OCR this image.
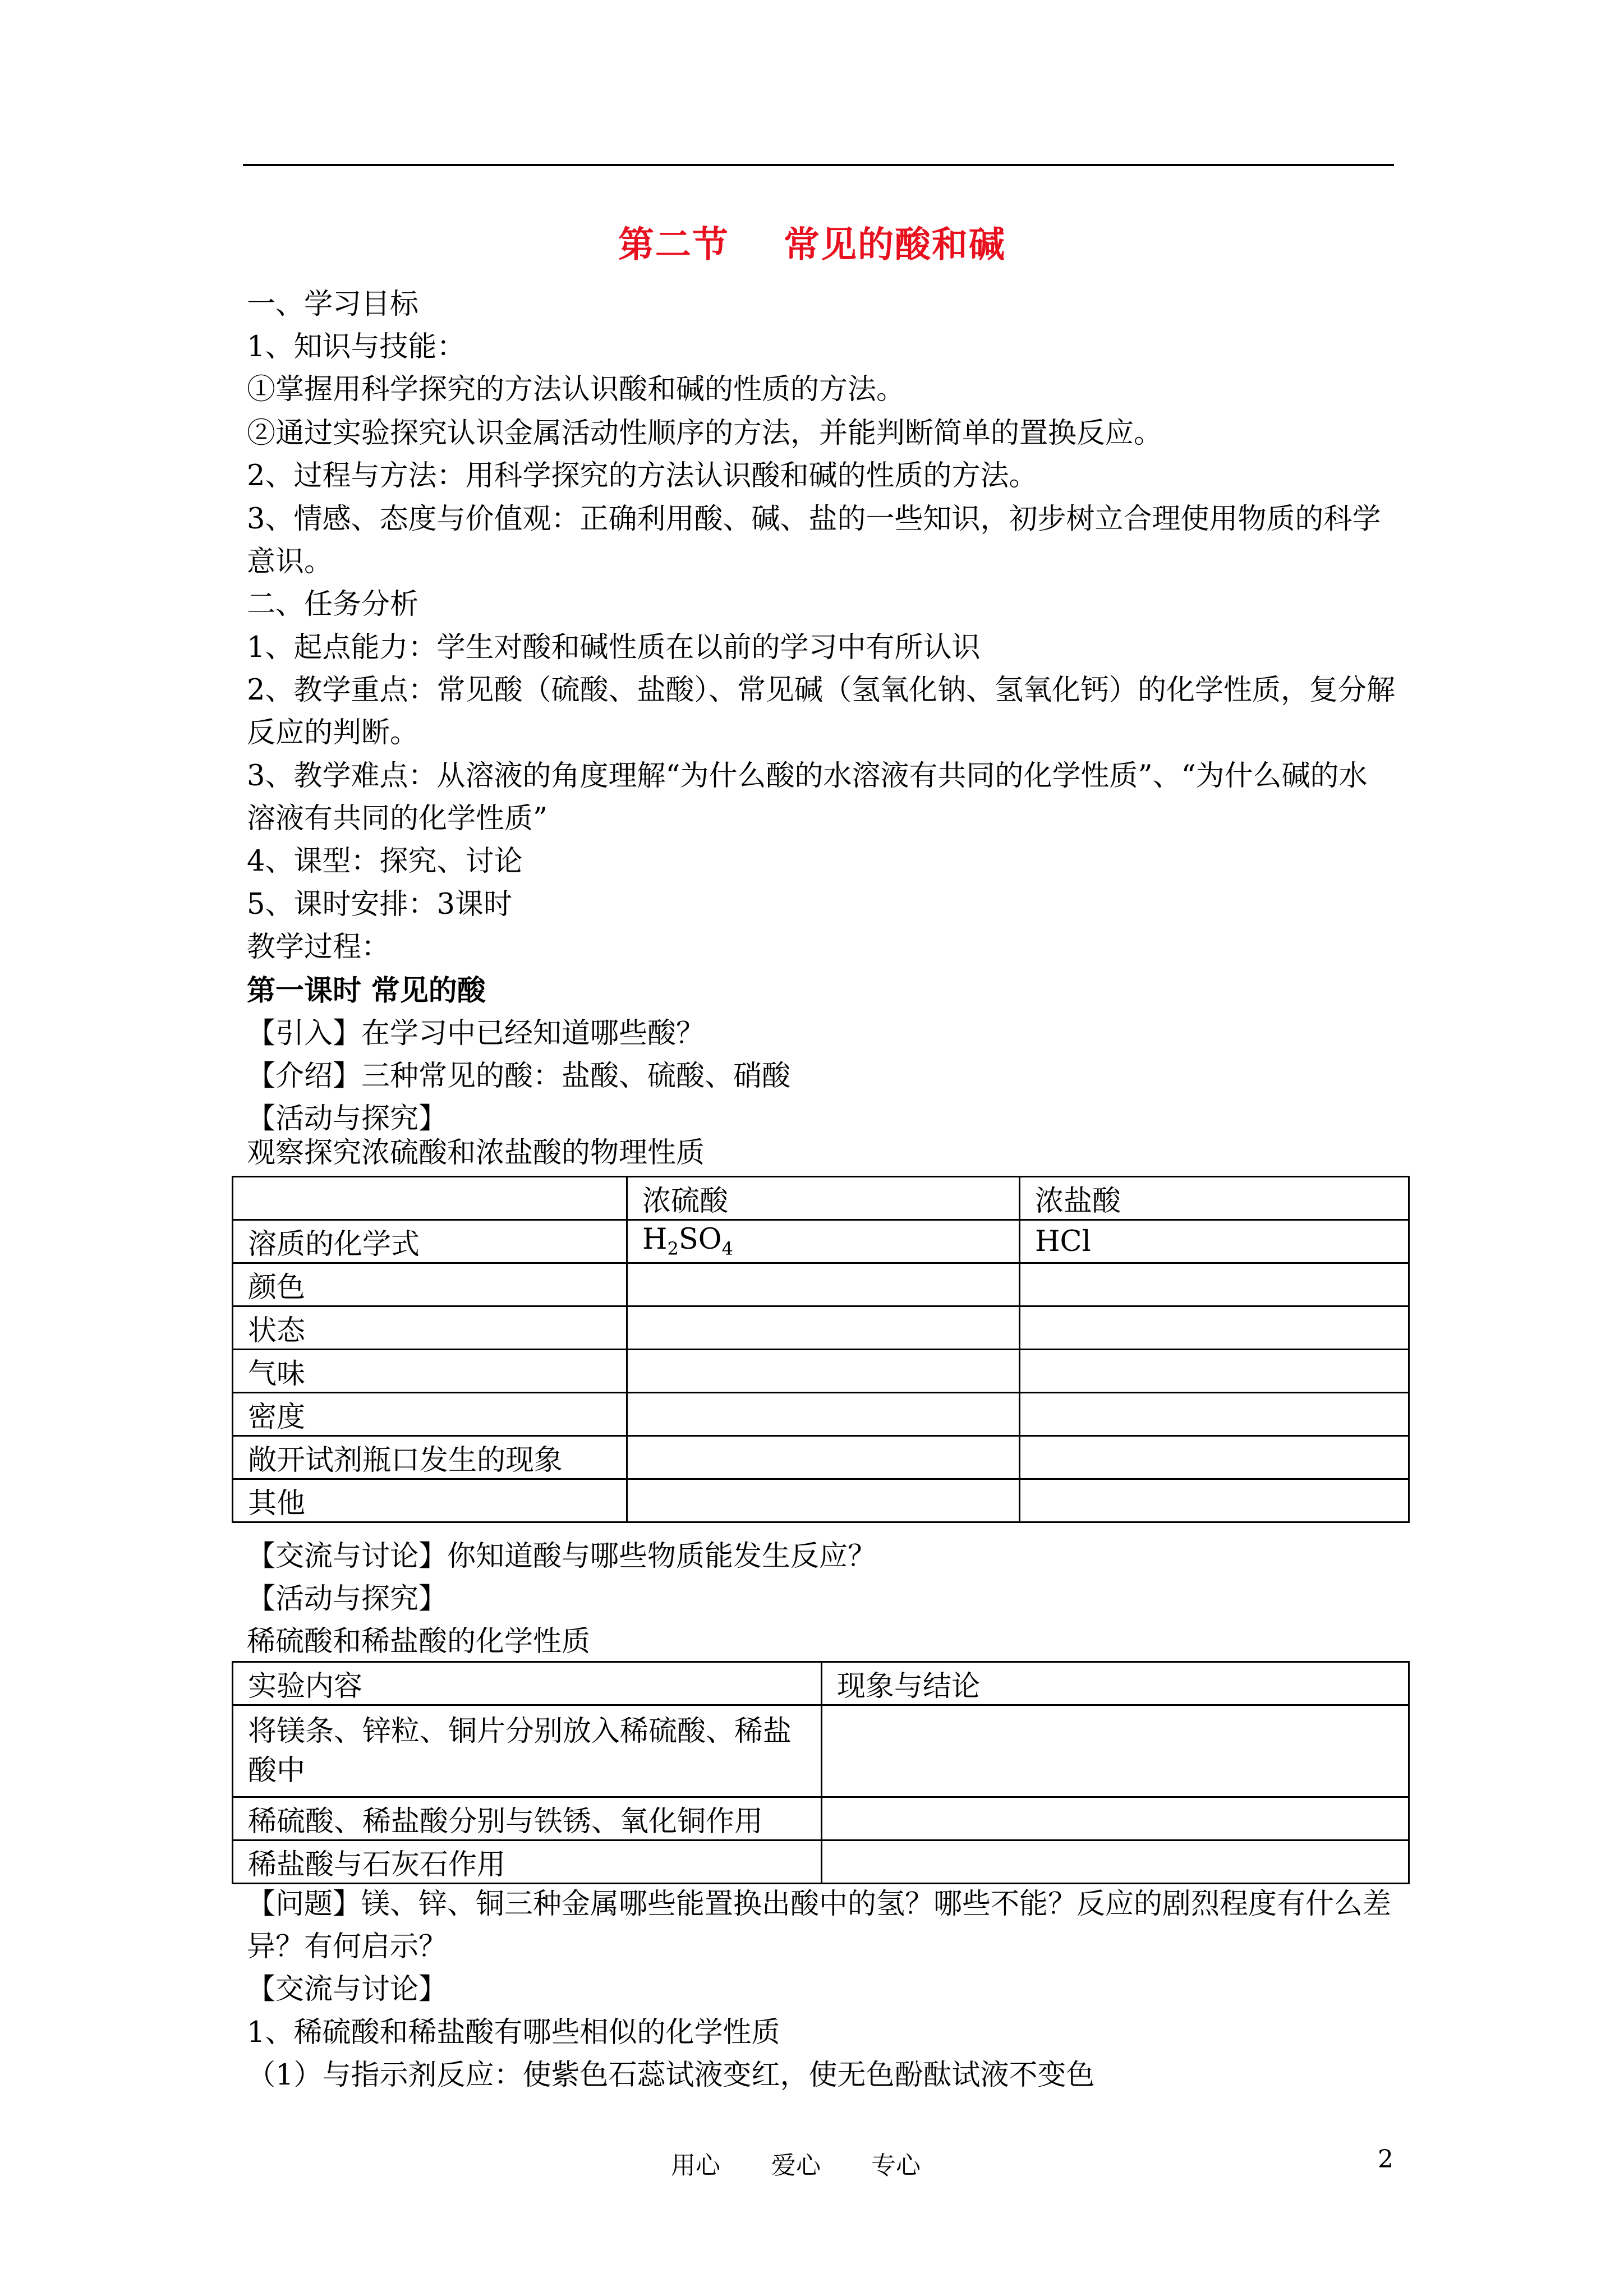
第二节    常见的酸和碱
一、学习目标
1、知识与技能：
①掌握用科学探究的方法认识酸和碱的性质的方法。
②通过实验探究认识金属活动性顺序的方法，并能判断简单的置换反应。
2、过程与方法：用科学探究的方法认识酸和碱的性质的方法。
3、情感、态度与价值观：正确利用酸、碱、盐的一些知识，初步树立合理使用物质的科学
意识。
二、任务分析
1、起点能力：学生对酸和碱性质在以前的学习中有所认识
2、教学重点：常见酸（硫酸、盐酸）、常见碱（氢氧化钠、氢氧化钙）的化学性质，复分解
反应的判断。
3、教学难点：从溶液的角度理解“为什么酸的水溶液有共同的化学性质”、“为什么碱的水
溶液有共同的化学性质”
4、课型：探究、讨论
5、课时安排：3课时
教学过程：
第一课时 常见的酸
【引入】在学习中已经知道哪些酸？
【介绍】三种常见的酸：盐酸、硫酸、硝酸
【活动与探究】
观察探究浓硫酸和浓盐酸的物理性质
	浓硫酸	浓盐酸
溶质的化学式	$H_2SO_4$	HCl
颜色		
状态		
气味		
密度		
敞开试剂瓶口发生的现象		
其他		
【交流与讨论】你知道酸与哪些物质能发生反应？
【活动与探究】
稀硫酸和稀盐酸的化学性质
实验内容	现象与结论
将镁条、锌粒、铜片分别放入稀硫酸、稀盐酸中	
稀硫酸、稀盐酸分别与铁锈、氧化铜作用	
稀盐酸与石灰石作用	
【问题】镁、锌、铜三种金属哪些能置换出酸中的氢？哪些不能？反应的剧烈程度有什么差
异？有何启示？
【交流与讨论】
1、稀硫酸和稀盐酸有哪些相似的化学性质
（1）与指示剂反应：使紫色石蕊试液变红，使无色酚酞试液不变色
用心 爱心 专心	2
